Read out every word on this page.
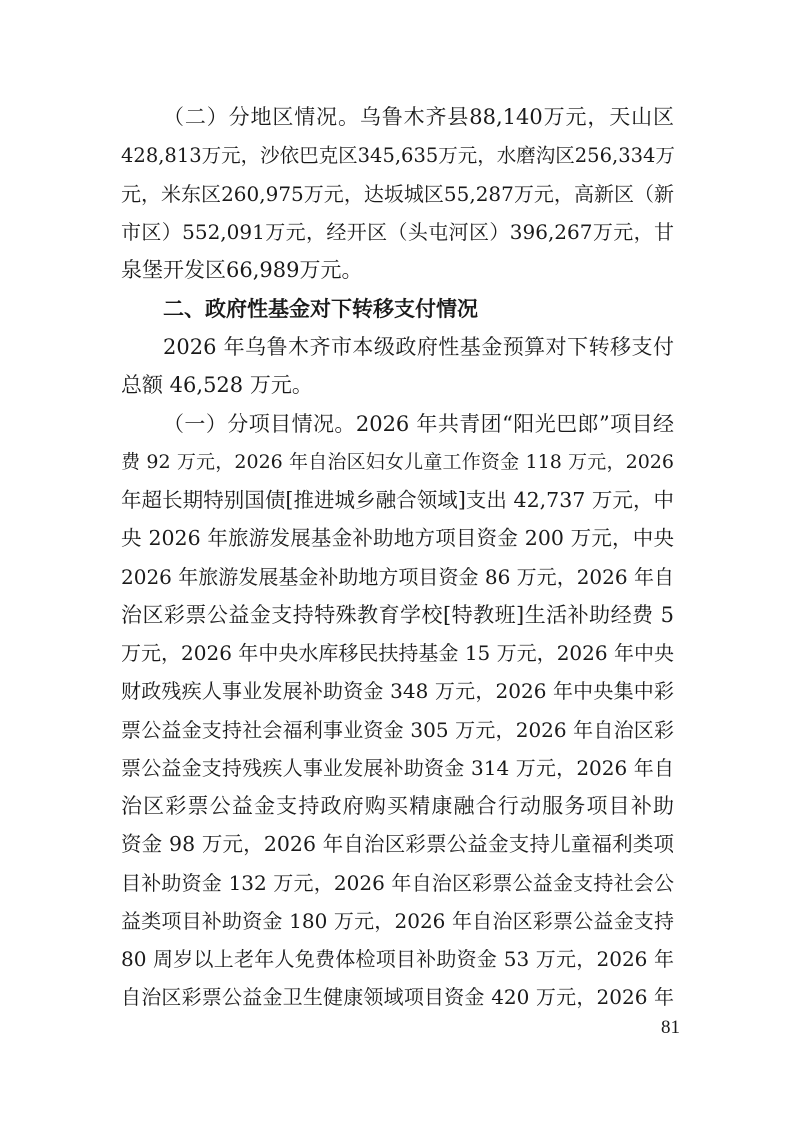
（二）分地区情况。乌鲁木齐县88,140万元，天山区
428,813万元，沙依巴克区345,635万元，水磨沟区256,334万
元，米东区260,975万元，达坂城区55,287万元，高新区（新
市区）552,091万元，经开区（头屯河区）396,267万元，甘
泉堡开发区66,989万元。
二、政府性基金对下转移支付情况
2026 年乌鲁木齐市本级政府性基金预算对下转移支付
总额 46,528 万元。
（一）分项目情况。2026 年共青团“阳光巴郎”项目经
费 92 万元，2026 年自治区妇女儿童工作资金 118 万元，2026
年超长期特别国债[推进城乡融合领域]支出 42,737 万元，中
央 2026 年旅游发展基金补助地方项目资金 200 万元，中央
2026 年旅游发展基金补助地方项目资金 86 万元，2026 年自
治区彩票公益金支持特殊教育学校[特教班]生活补助经费 5
万元，2026 年中央水库移民扶持基金 15 万元，2026 年中央
财政残疾人事业发展补助资金 348 万元，2026 年中央集中彩
票公益金支持社会福利事业资金 305 万元，2026 年自治区彩
票公益金支持残疾人事业发展补助资金 314 万元，2026 年自
治区彩票公益金支持政府购买精康融合行动服务项目补助
资金 98 万元，2026 年自治区彩票公益金支持儿童福利类项
目补助资金 132 万元，2026 年自治区彩票公益金支持社会公
益类项目补助资金 180 万元，2026 年自治区彩票公益金支持
80 周岁以上老年人免费体检项目补助资金 53 万元，2026 年
自治区彩票公益金卫生健康领域项目资金 420 万元，2026 年
81
